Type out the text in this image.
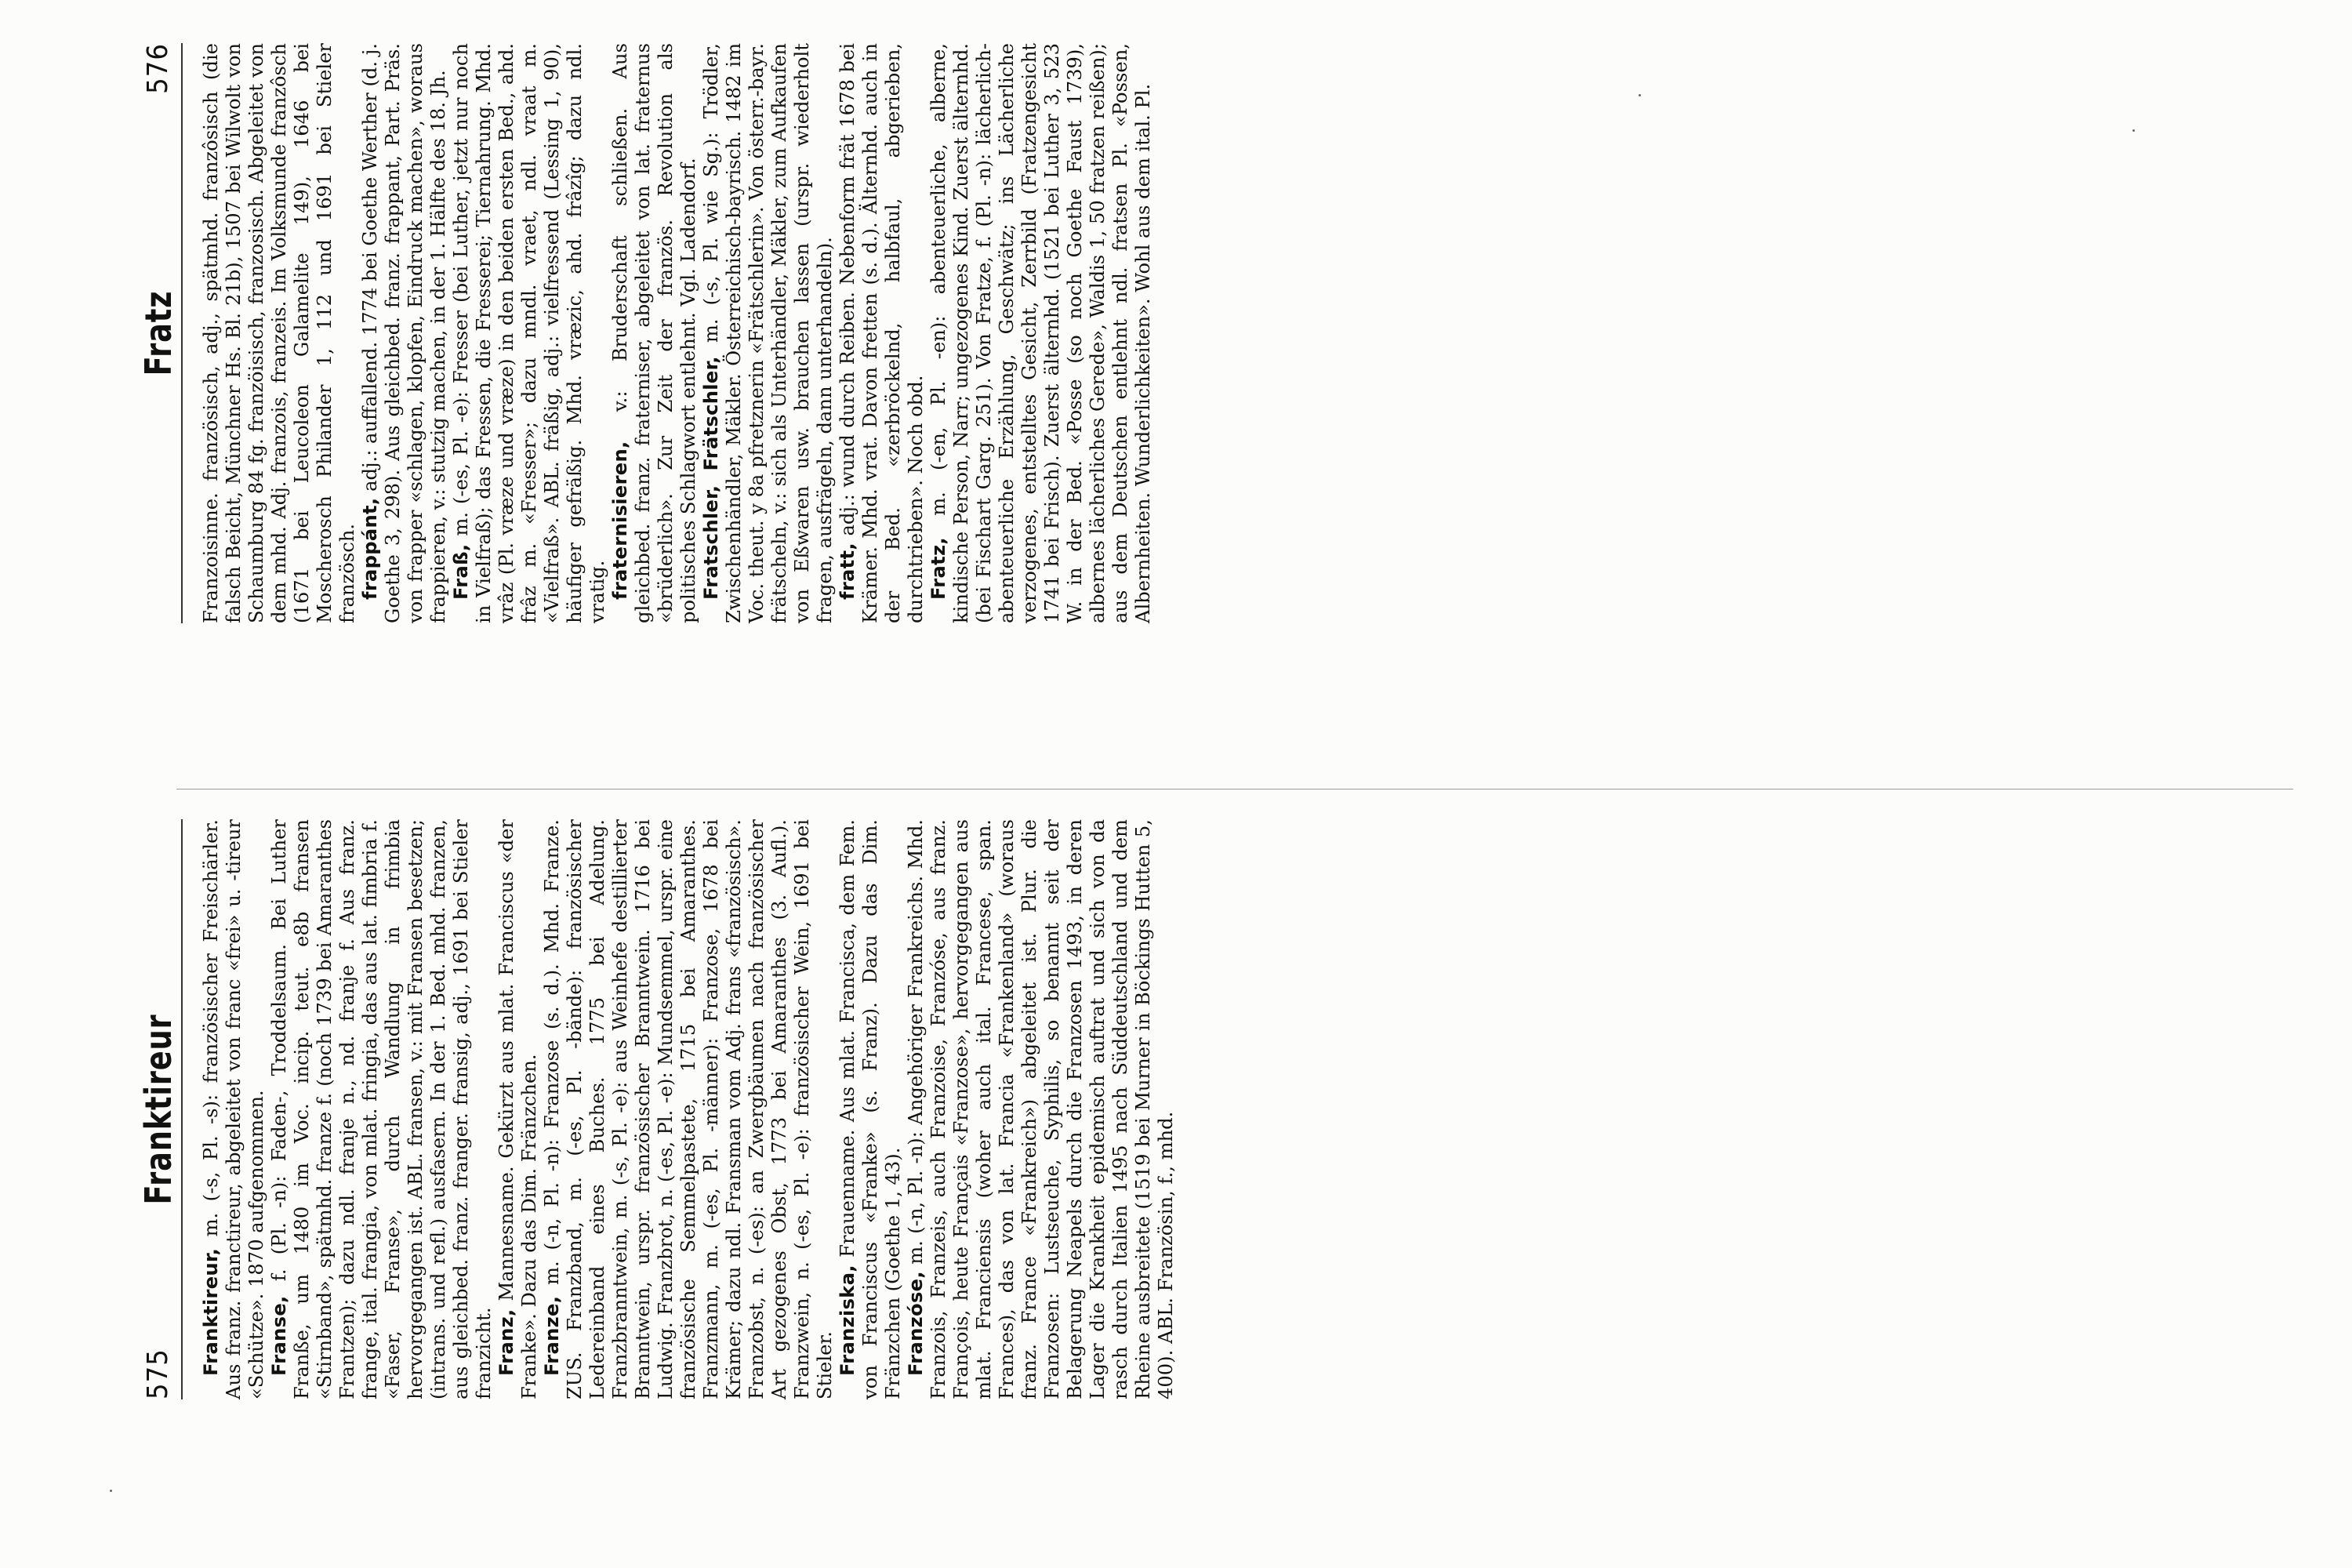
575
Franktireur

Franktireur, m. (-s, Pl. -s): französischer Freischärler. Aus franz. franctireur, abgeleitet von franc «frei» u. -tireur «Schütze». 1870 aufgenommen. Franse, f. (Pl. -n): Faden-, Troddelsaum. Bei Luther Franße, um 1480 im Voc. incip. teut. e8b fransen «Stirnband», spätmhd. franze f. (noch 1739 bei Amaranthes Frantzen); dazu ndl. franje n., nd. franje f. Aus franz. frange, ital. frangia, von mlat. fringia, das aus lat. fimbria f. «Faser, Franse», durch Wandlung in frimbia hervorgegangen ist. ABL. fransen, v.: mit Fransen besetzen; (intrans. und refl.) ausfasern. In der 1. Bed. mhd. franzen, aus gleichbed. franz. franger. fransig, adj., 1691 bei Stieler franzicht. Franz, Mannesname. Gekürzt aus mlat. Franciscus «der Franke». Dazu das Dim. Fränzchen. Franze, m. (-n, Pl. -n): Franzose (s. d.). Mhd. Franze. ZUS. Franzband, m. (-es, Pl. -bände): französischer Ledereinband eines Buches. 1775 bei Adelung. Franzbranntwein, m. (-s, Pl. -e): aus Weinhefe destillierter Branntwein, urspr. französischer Branntwein. 1716 bei Ludwig. Franzbrot, n. (-es, Pl. -e): Mundsemmel, urspr. eine französische Semmelpastete, 1715 bei Amaranthes. Franzmann, m. (-es, Pl. -männer): Franzose, 1678 bei Krämer; dazu ndl. Fransman vom Adj. frans «französisch». Franzobst, n. (-es): an Zwergbäumen nach französischer Art gezogenes Obst, 1773 bei Amaranthes (3. Aufl.). Franzwein, n. (-es, Pl. -e): französischer Wein, 1691 bei Stieler. Franziska, Frauenname. Aus mlat. Francisca, dem Fem. von Franciscus «Franke» (s. Franz). Dazu das Dim. Fränzchen (Goethe 1, 43). Franzóse, m. (-n, Pl. -n): Angehöriger Frankreichs. Mhd. Franzois, Franzeis, auch Franzoise, Franzóse, aus franz. François, heute Français «Franzose», hervorgegangen aus mlat. Franciensis (woher auch ital. Francese, span. Frances), das von lat. Francia «Frankenland» (woraus franz. France «Frankreich») abgeleitet ist. Plur. die Franzosen: Lustseuche, Syphilis, so benannt seit der Belagerung Neapels durch die Franzosen 1493, in deren Lager die Krankheit epidemisch auftrat und sich von da rasch durch Italien 1495 nach Süddeutschland und dem Rheine ausbreitete (1519 bei Murner in Böckings Hutten 5, 400). ABL. Französin, f., mhd.

Fratz
576 Franzoisinne. französisch, adj., spätmhd. franzôsisch (die falsch Beicht, Münchner Hs. Bl. 21b), 1507 bei Wilwolt von Schaumburg 84 fg. franzöisisch, franzosisch. Abgeleitet von dem mhd. Adj. franzois, franzeis. Im Volksmunde franzôsch (1671 bei Leucoleon Galamelite 149), 1646 bei Moscherosch Philander 1, 112 und 1691 bei Stieler französch. frappánt, adj.: auffallend. 1774 bei Goethe Werther (d. j. Goethe 3, 298). Aus gleichbed. franz. frappant, Part. Präs. von frapper «schlagen, klopfen, Eindruck machen», woraus frappieren, v.: stutzig machen, in der 1. Hälfte des 18. Jh. Fraß, m. (-es, Pl. -e): Fresser (bei Luther, jetzt nur noch in Vielfraß); das Fressen, die Fresserei; Tiernahrung. Mhd. vrâz (Pl. vræze und vræze) in den beiden ersten Bed., ahd. frâz m. «Fresser»; dazu mndl. vraet, ndl. vraat m. «Vielfraß». ABL. fräßig, adj.: vielfressend (Lessing 1, 90), häufiger gefräßig. Mhd. vræzic, ahd. frâzîg; dazu ndl. vratig. fraternisieren, v.: Bruderschaft schließen. Aus gleichbed. franz. fraterniser, abgeleitet von lat. fraternus «brüderlich». Zur Zeit der französ. Revolution als politisches Schlagwort entlehnt. Vgl. Ladendorf. Fratschler, Frätschler, m. (-s, Pl. wie Sg.): Trödler, Zwischenhändler, Mäkler. Österreichisch-bayrisch. 1482 im Voc. theut. y 8a pfretznerin «Frätschlerin». Von österr.-bayr. frätscheln, v.: sich als Unterhändler, Mäkler, zum Aufkaufen von Eßwaren usw. brauchen lassen (urspr. wiederholt fragen, ausfrägeln, dann unterhandeln). fratt, adj.: wund durch Reiben. Nebenform frät 1678 bei Krämer. Mhd. vrat. Davon fretten (s. d.). Älternhd. auch in der Bed. «zerbröckelnd, halbfaul, abgerieben, durchtrieben». Noch obd. Fratz, m. (-en, Pl. -en): abenteuerliche, alberne, kindische Person, Narr; ungezogenes Kind. Zuerst älternhd. (bei Fischart Garg. 251). Von Fratze, f. (Pl. -n): lächerlich-abenteuerliche Erzählung, Geschwätz; ins Lächerliche verzogenes, entstelltes Gesicht, Zerrbild (Fratzengesicht 1741 bei Frisch). Zuerst älternhd. (1521 bei Luther 3, 523 W. in der Bed. «Posse (so noch Goethe Faust 1739), albernes lächerliches Gerede», Waldis 1, 50 fratzen reißen); aus dem Deutschen entlehnt ndl. fratsen Pl. «Possen, Albernheiten. Wunderlichkeiten». Wohl aus dem ital. Pl.
